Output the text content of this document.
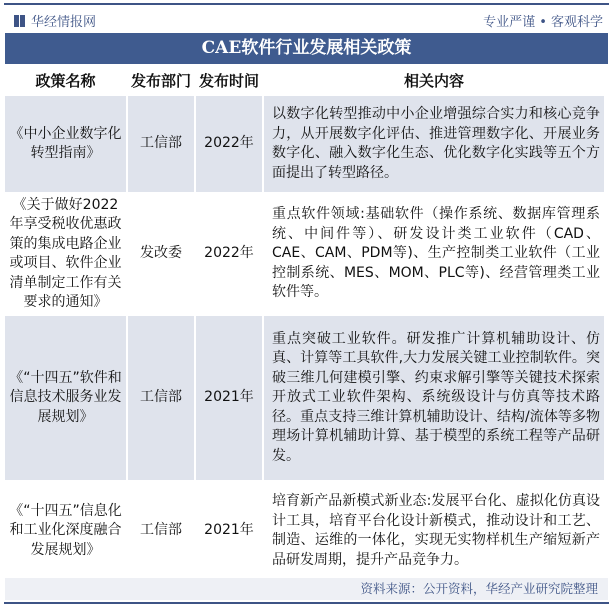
华经情报网	专业严谨 • 客观科学
CAE软件行业发展相关政策
政策名称	发布部门	发布时间	相关内容
《中小企业数字化转型指南》	工信部	2022年	以数字化转型推动中小企业增强综合实力和核心竞争力，从开展数字化评估、推进管理数字化、开展业务数字化、融入数字化生态、优化数字化实践等五个方面提出了转型路径。
《关于做好2022年享受税收优惠政策的集成电路企业或项目、软件企业清单制定工作有关要求的通知》	发改委	2022年	重点软件领域:基础软件（操作系统、数据库管理系统、中间件等）、研发设计类工业软件（CAD、CAE、CAM、PDM等)、生产控制类工业软件（工业控制系统、MES、MOM、PLC等)、经营管理类工业软件等。
《“十四五”软件和信息技术服务业发展规划》	工信部	2021年	重点突破工业软件。研发推广计算机辅助设计、仿真、计算等工具软件,大力发展关键工业控制软件。突破三维几何建模引擎、约束求解引擎等关键技术探索开放式工业软件架构、系统级设计与仿真等技术路径。重点支持三维计算机辅助设计、结构/流体等多物理场计算机辅助计算、基于模型的系统工程等产品研发。
《“十四五”信息化和工业化深度融合发展规划》	工信部	2021年	培育新产品新模式新业态:发展平台化、虚拟化仿真设计工具，培育平台化设计新模式，推动设计和工艺、制造、运维的一体化，实现无实物样机生产缩短新产品研发周期，提升产品竞争力。
资料来源：公开资料，华经产业研究院整理
